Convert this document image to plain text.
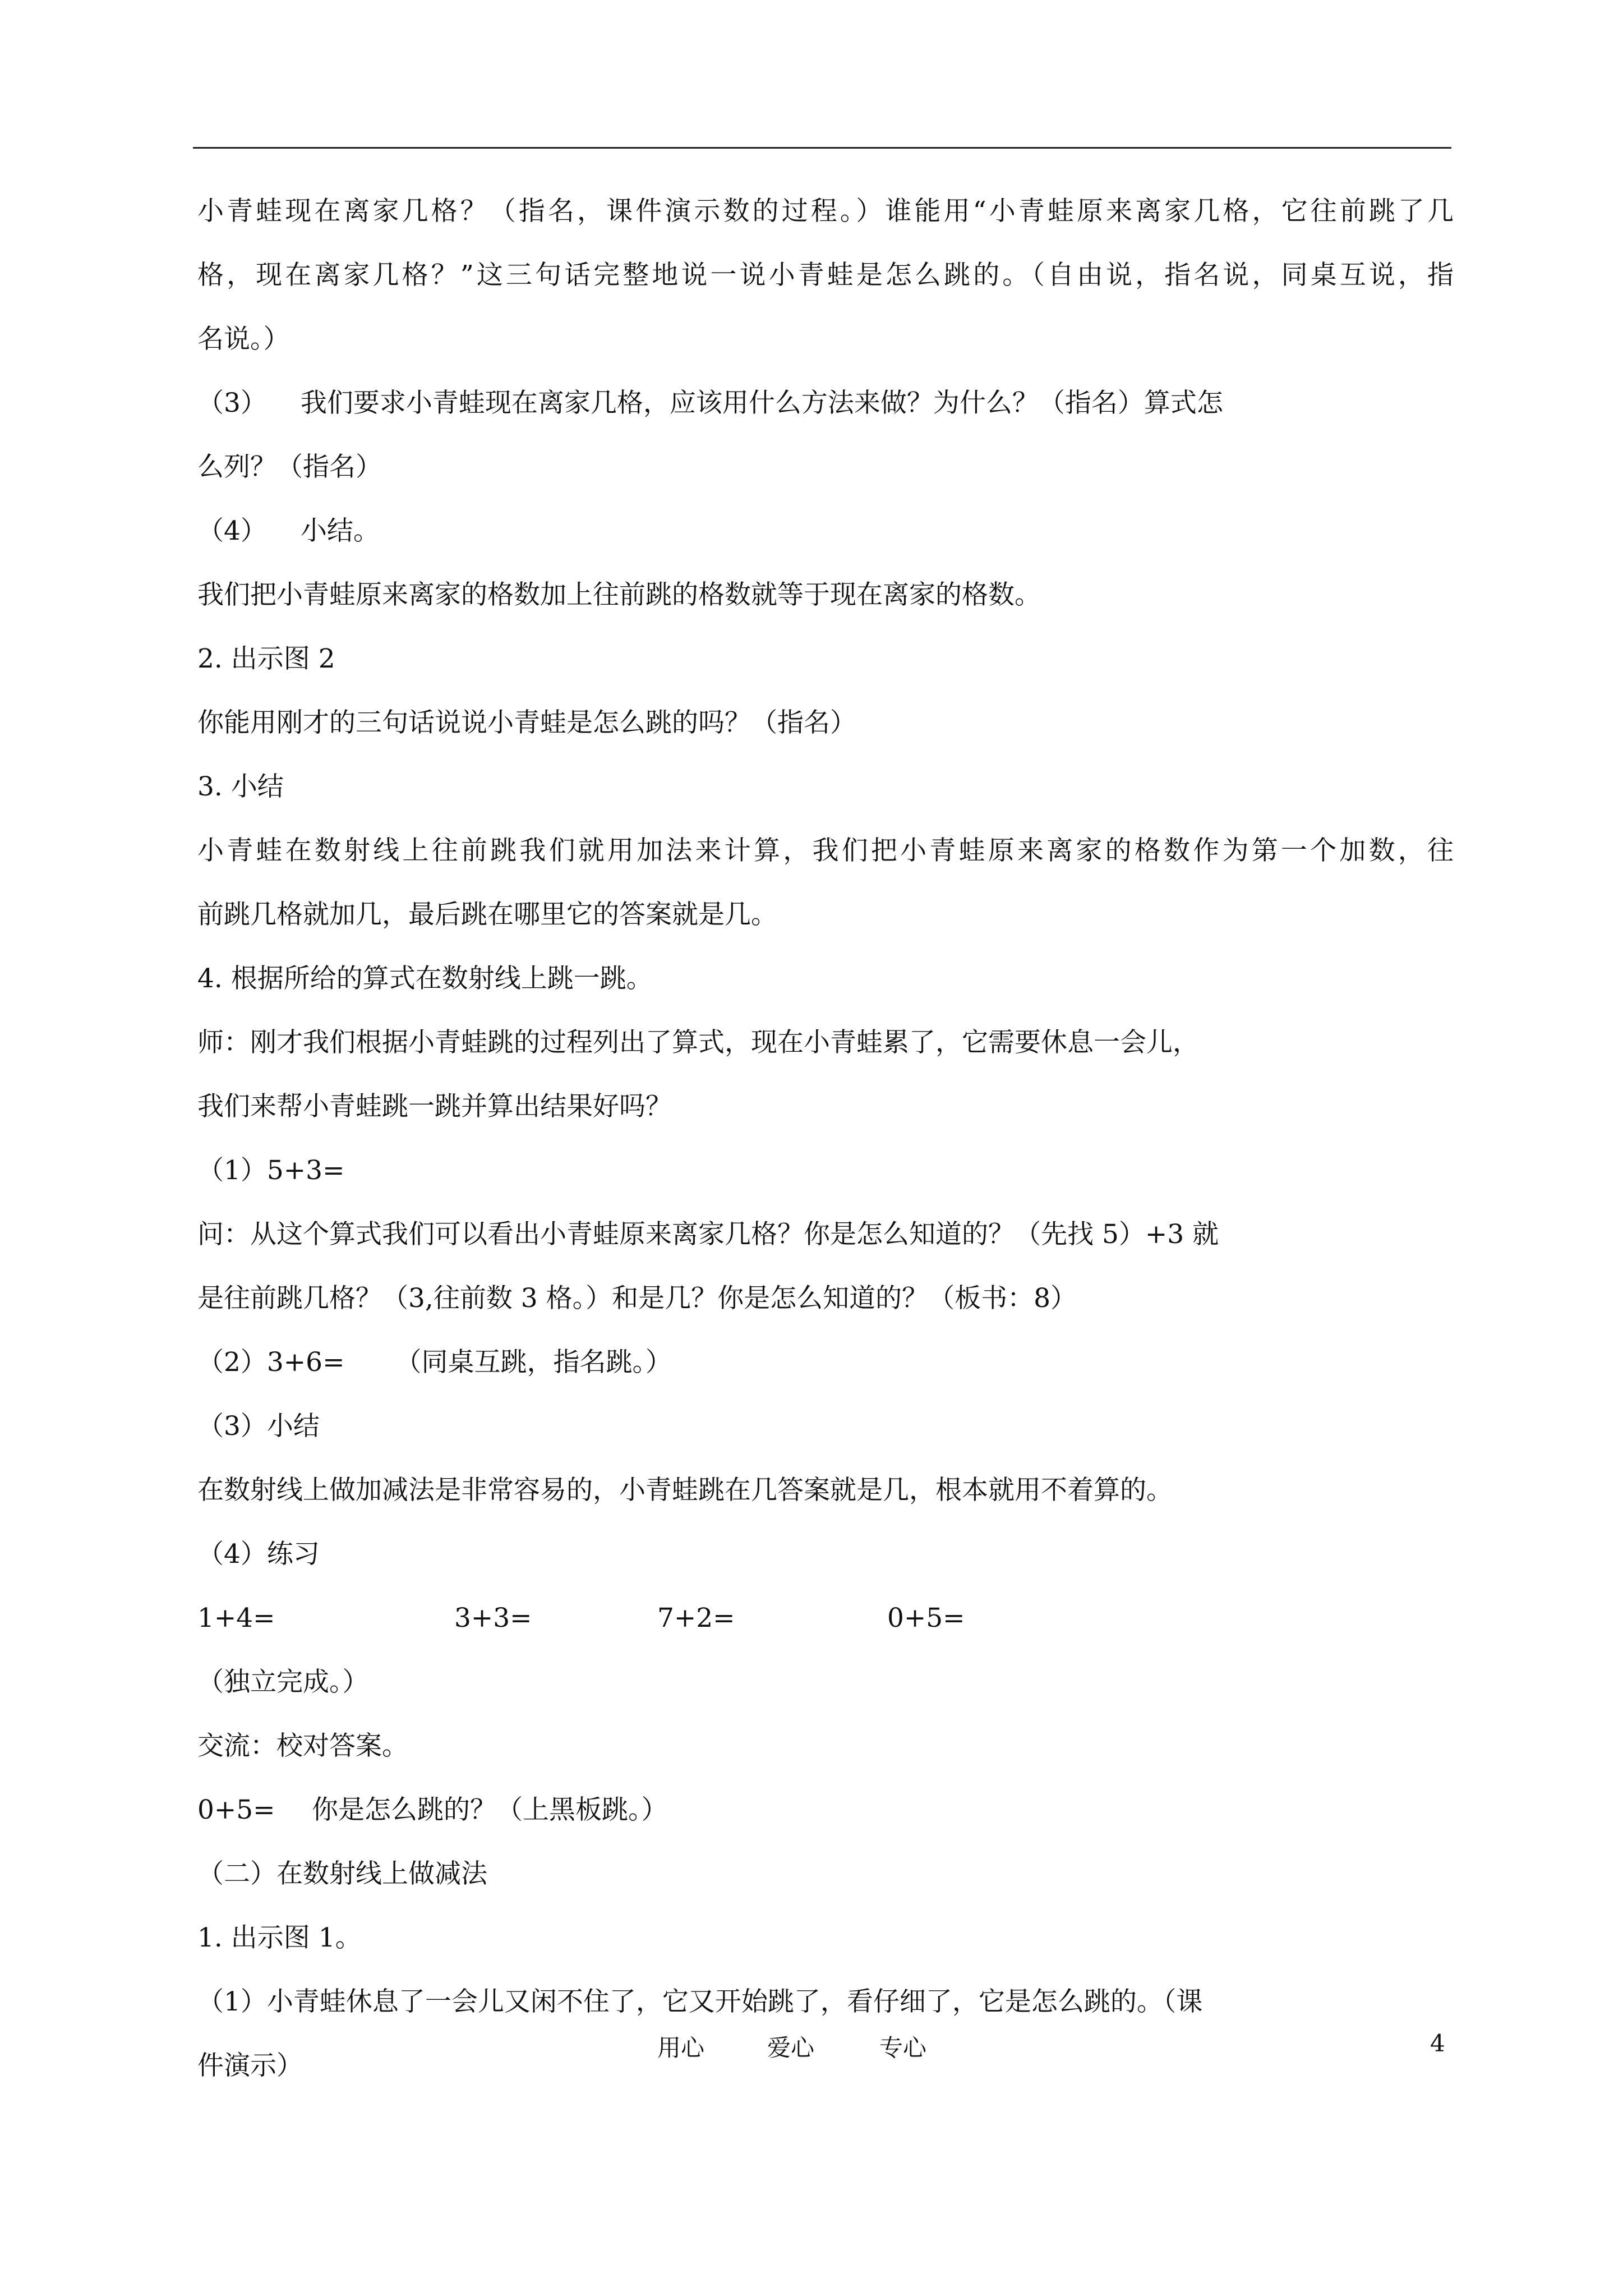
小青蛙现在离家几格？（指名，课件演示数的过程。）谁能用“小青蛙原来离家几格，它往前跳了几
格，现在离家几格？”这三句话完整地说一说小青蛙是怎么跳的。（自由说，指名说，同桌互说，指
名说。）
（3） 我们要求小青蛙现在离家几格，应该用什么方法来做？为什么？（指名）算式怎
么列？（指名）
（4） 小结。
我们把小青蛙原来离家的格数加上往前跳的格数就等于现在离家的格数。
2. 出示图 2
你能用刚才的三句话说说小青蛙是怎么跳的吗？（指名）
3. 小结
小青蛙在数射线上往前跳我们就用加法来计算，我们把小青蛙原来离家的格数作为第一个加数，往
前跳几格就加几，最后跳在哪里它的答案就是几。
4. 根据所给的算式在数射线上跳一跳。
师：刚才我们根据小青蛙跳的过程列出了算式，现在小青蛙累了，它需要休息一会儿，
我们来帮小青蛙跳一跳并算出结果好吗？
（1）5+3=
问：从这个算式我们可以看出小青蛙原来离家几格？你是怎么知道的？（先找 5）+3 就
是往前跳几格？（3,往前数 3 格。）和是几？你是怎么知道的？（板书：8）
（2）3+6= （同桌互跳，指名跳。）
（3）小结
在数射线上做加减法是非常容易的，小青蛙跳在几答案就是几，根本就用不着算的。
（4）练习
1+4=	3+3=	7+2=	0+5=
（独立完成。）
交流：校对答案。
0+5= 你是怎么跳的？（上黑板跳。）
（二）在数射线上做减法
1. 出示图 1。
（1）小青蛙休息了一会儿又闲不住了，它又开始跳了，看仔细了，它是怎么跳的。（课
件演示）
用心	爱心	专心	4
